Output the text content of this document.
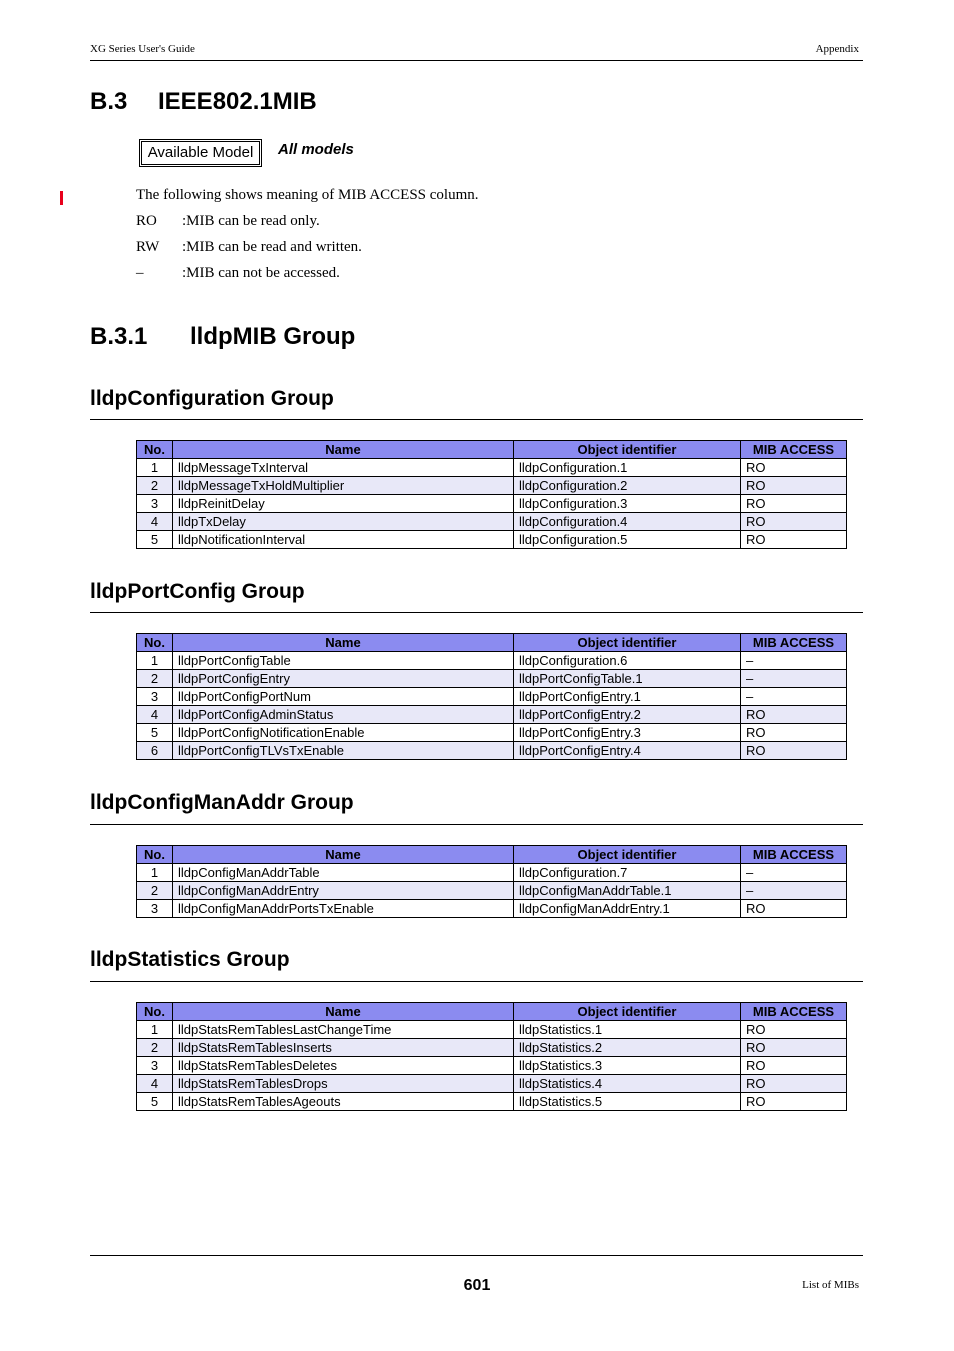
XG Series User's Guide	Appendix
B.3 IEEE802.1MIB
Available Model	All models
The following shows meaning of MIB ACCESS column.
RO :MIB can be read only.
RW :MIB can be read and written.
–	:MIB can not be accessed.
B.3.1 lldpMIB Group
lldpConfiguration Group
No.	Name	Object identifier	MIB ACCESS
1	lldpMessageTxInterval	lldpConfiguration.1	RO
2	lldpMessageTxHoldMultiplier	lldpConfiguration.2	RO
3	lldpReinitDelay	lldpConfiguration.3	RO
4	lldpTxDelay	lldpConfiguration.4	RO
5	lldpNotificationInterval	lldpConfiguration.5	RO
lldpPortConfig Group
No.	Name	Object identifier	MIB ACCESS
1	lldpPortConfigTable	lldpConfiguration.6	–
2	lldpPortConfigEntry	lldpPortConfigTable.1	–
3	lldpPortConfigPortNum	lldpPortConfigEntry.1	–
4	lldpPortConfigAdminStatus	lldpPortConfigEntry.2	RO
5	lldpPortConfigNotificationEnable	lldpPortConfigEntry.3	RO
6	lldpPortConfigTLVsTxEnable	lldpPortConfigEntry.4	RO
lldpConfigManAddr Group
No.	Name	Object identifier	MIB ACCESS
1	lldpConfigManAddrTable	lldpConfiguration.7	–
2	lldpConfigManAddrEntry	lldpConfigManAddrTable.1	–
3	lldpConfigManAddrPortsTxEnable	lldpConfigManAddrEntry.1	RO
lldpStatistics Group
No.	Name	Object identifier	MIB ACCESS
1	lldpStatsRemTablesLastChangeTime	lldpStatistics.1	RO
2	lldpStatsRemTablesInserts	lldpStatistics.2	RO
3	lldpStatsRemTablesDeletes	lldpStatistics.3	RO
4	lldpStatsRemTablesDrops	lldpStatistics.4	RO
5	lldpStatsRemTablesAgeouts	lldpStatistics.5	RO
601	List of MIBs
